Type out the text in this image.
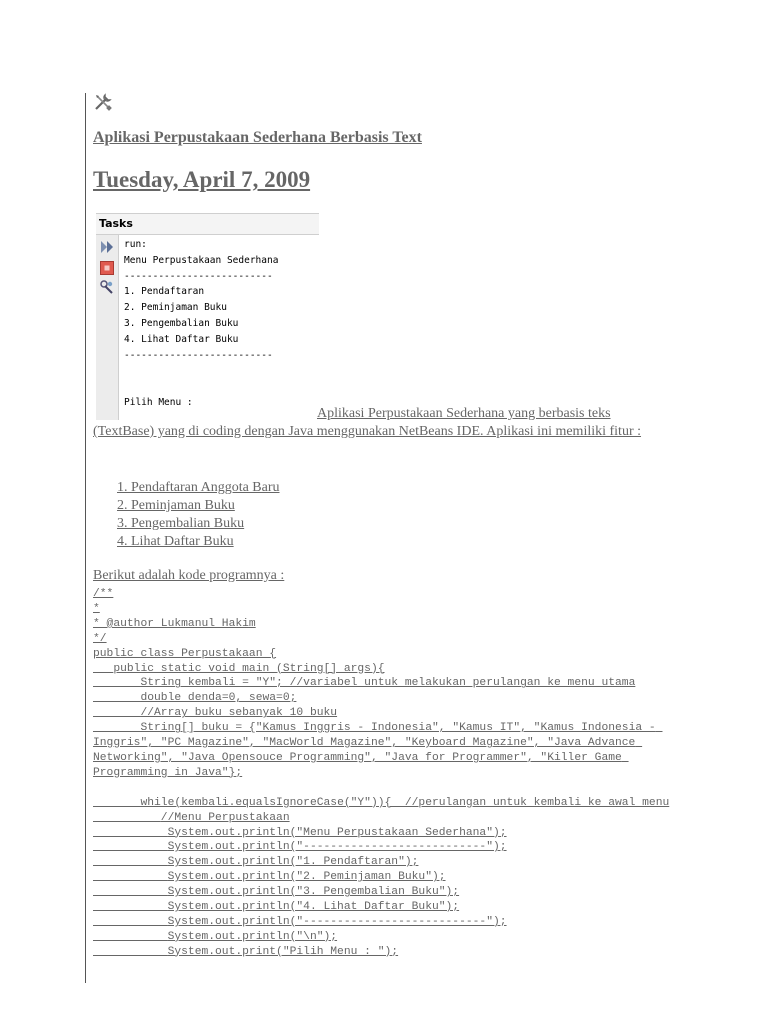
Aplikasi Perpustakaan Sederhana Berbasis Text
Tuesday, April 7, 2009
Tasks
run:
Menu Perpustakaan Sederhana
--------------------------
1. Pendaftaran
2. Peminjaman Buku
3. Pengembalian Buku
4. Lihat Daftar Buku
--------------------------

Pilih Menu :
Aplikasi Perpustakaan Sederhana yang berbasis teks
(TextBase) yang di coding dengan Java menggunakan NetBeans IDE. Aplikasi ini memiliki fitur :
1. Pendaftaran Anggota Baru
2. Peminjaman Buku
3. Pengembalian Buku
4. Lihat Daftar Buku
Berikut adalah kode programnya :
/**
*
* @author Lukmanul Hakim
*/
public class Perpustakaan {
public static void main (String[] args){
String kembali = "Y"; //variabel untuk melakukan perulangan ke menu utama
double denda=0, sewa=0;
//Array buku sebanyak 10 buku
String[] buku = {"Kamus Inggris - Indonesia", "Kamus IT", "Kamus Indonesia - Inggris", "PC Magazine", "MacWorld Magazine", "Keyboard Magazine", "Java Advance Networking", "Java Opensouce Programming", "Java for Programmer", "Killer Game Programming in Java"};

while(kembali.equalsIgnoreCase("Y")){  //perulangan untuk kembali ke awal menu
//Menu Perpustakaan
System.out.println("Menu Perpustakaan Sederhana");
System.out.println("---------------------------");
System.out.println("1. Pendaftaran");
System.out.println("2. Peminjaman Buku");
System.out.println("3. Pengembalian Buku");
System.out.println("4. Lihat Daftar Buku");
System.out.println("---------------------------");
System.out.println("\n");
System.out.print("Pilih Menu : ");
